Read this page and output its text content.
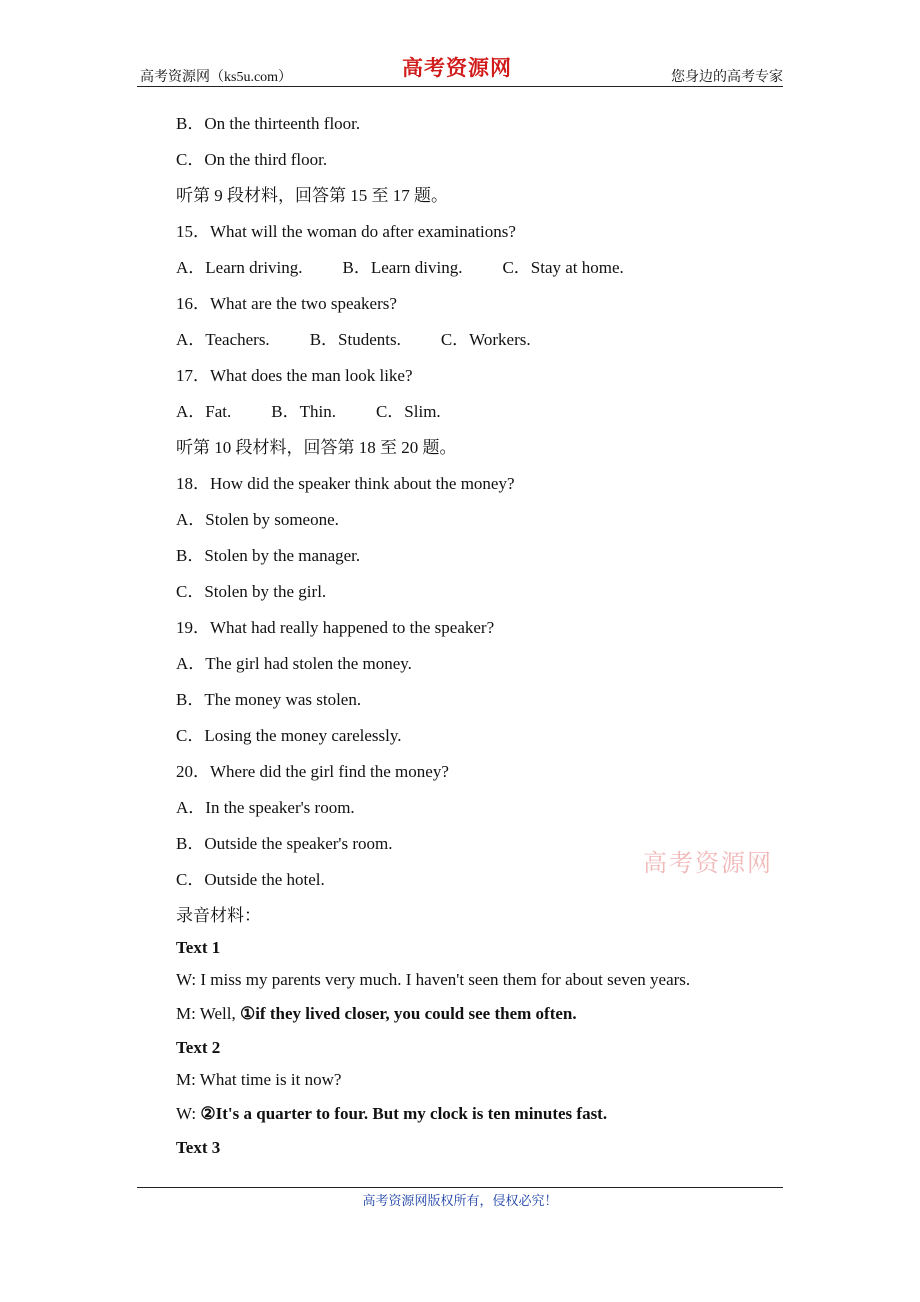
高考资源网（ks5u.com）	高考资源网	您身边的高考专家
B．On the thirteenth floor.
C．On the third floor.
听第 9 段材料，回答第 15 至 17 题。
15．What will the woman do after examinations?
A．Learn driving. B．Learn diving. C．Stay at home.
16．What are the two speakers?
A．Teachers. B．Students. C．Workers.
17．What does the man look like?
A．Fat. B．Thin. C．Slim.
听第 10 段材料，回答第 18 至 20 题。
18．How did the speaker think about the money?
A．Stolen by someone.
B．Stolen by the manager.
C．Stolen by the girl.
19．What had really happened to the speaker?
A．The girl had stolen the money.
B．The money was stolen.
C．Losing the money carelessly.
20．Where did the girl find the money?
A．In the speaker's room.
B．Outside the speaker's room.
C．Outside the hotel.
录音材料：
Text 1
W: I miss my parents very much. I haven't seen them for about seven years.
M: Well, ①if they lived closer, you could see them often.
Text 2
M: What time is it now?
W: ②It's a quarter to four. But my clock is ten minutes fast.
Text 3
高考资源网
高考资源网版权所有，侵权必究！
